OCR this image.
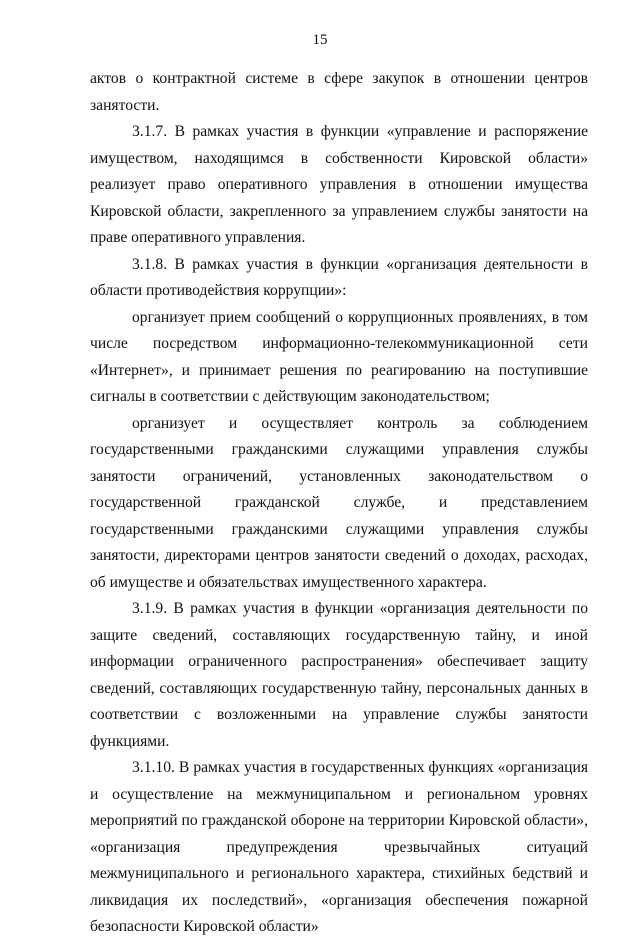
15

актов о контрактной системе в сфере закупок в отношении центров занятости.

3.1.7. В рамках участия в функции «управление и распоряжение имуществом, находящимся в собственности Кировской области» реализует право оперативного управления в отношении имущества Кировской области, закрепленного за управлением службы занятости на праве оперативного управления.

3.1.8. В рамках участия в функции «организация деятельности в области противодействия коррупции»:

организует прием сообщений о коррупционных проявлениях, в том числе посредством информационно-телекоммуникационной сети «Интернет», и принимает решения по реагированию на поступившие сигналы в соответствии с действующим законодательством;

организует и осуществляет контроль за соблюдением государственными гражданскими служащими управления службы занятости ограничений, установленных законодательством о государственной гражданской службе, и представлением государственными гражданскими служащими управления службы занятости, директорами центров занятости сведений о доходах, расходах, об имуществе и обязательствах имущественного характера.

3.1.9. В рамках участия в функции «организация деятельности по защите сведений, составляющих государственную тайну, и иной информации ограниченного распространения» обеспечивает защиту сведений, составляющих государственную тайну, персональных данных в соответствии с возложенными на управление службы занятости функциями.

3.1.10. В рамках участия в государственных функциях «организация и осуществление на межмуниципальном и региональном уровнях мероприятий по гражданской обороне на территории Кировской области», «организация предупреждения чрезвычайных ситуаций межмуниципального и регионального характера, стихийных бедствий и ликвидация их последствий», «организация обеспечения пожарной безопасности Кировской области»
